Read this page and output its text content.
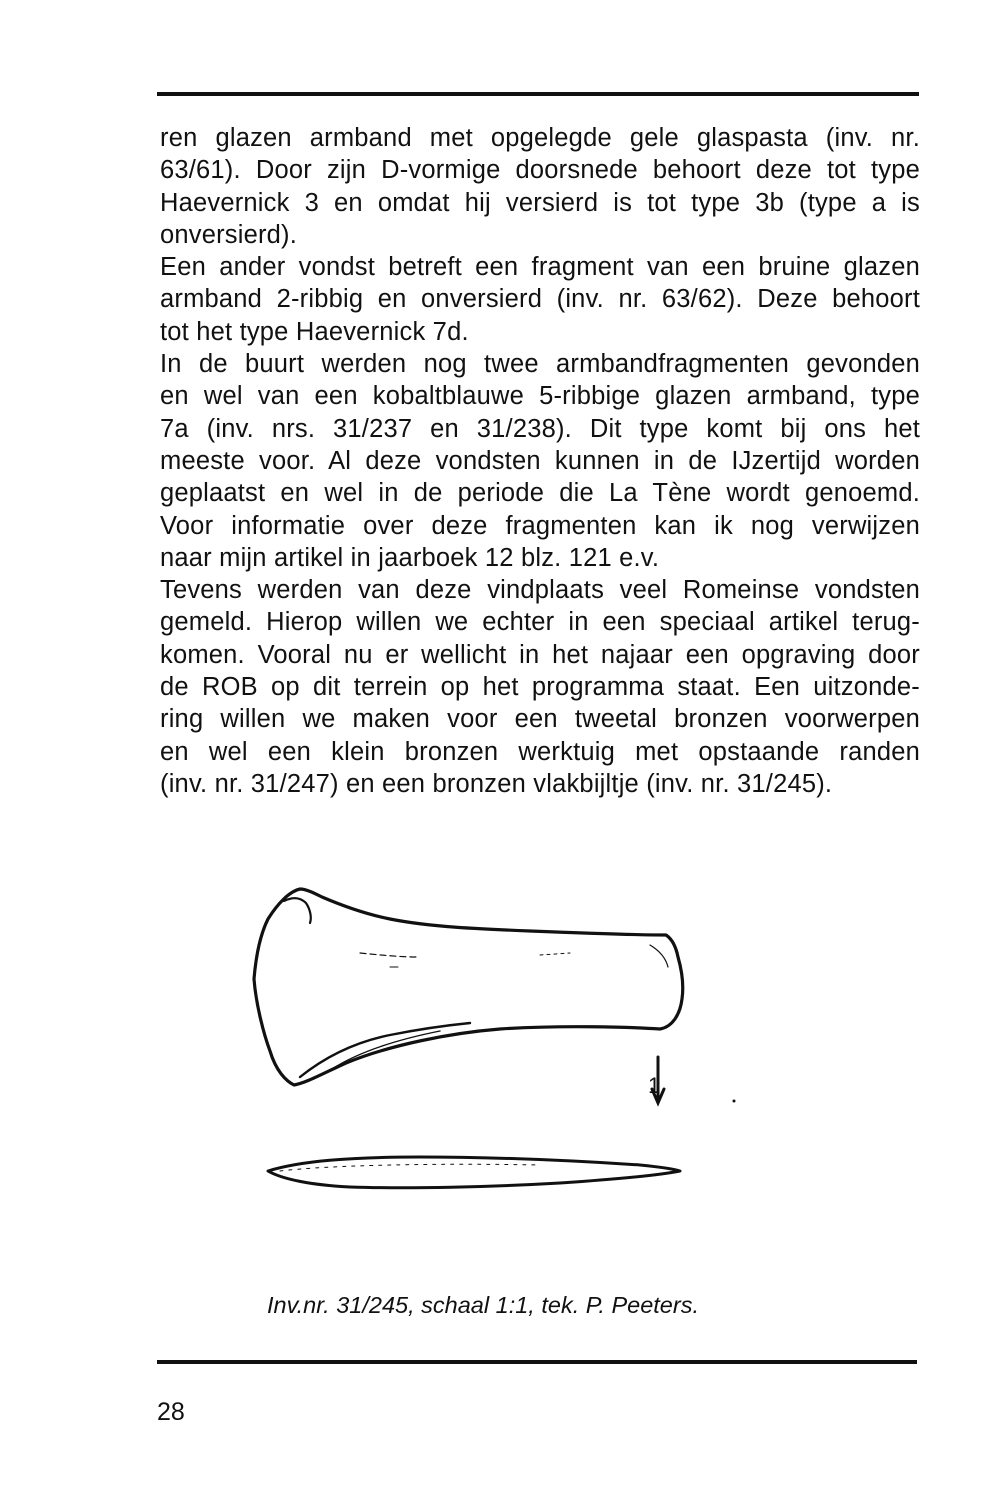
ren glazen armband met opgelegde gele glaspasta (inv. nr.
63/61). Door zijn D-vormige doorsnede behoort deze tot type
Haevernick 3 en omdat hij versierd is tot type 3b (type a is
onversierd).
Een ander vondst betreft een fragment van een bruine glazen
armband 2-ribbig en onversierd (inv. nr. 63/62). Deze behoort
tot het type Haevernick 7d.
In de buurt werden nog twee armbandfragmenten gevonden
en wel van een kobaltblauwe 5-ribbige glazen armband, type
7a (inv. nrs. 31/237 en 31/238). Dit type komt bij ons het
meeste voor. Al deze vondsten kunnen in de IJzertijd worden
geplaatst en wel in de periode die La Tène wordt genoemd.
Voor informatie over deze fragmenten kan ik nog verwijzen
naar mijn artikel in jaarboek 12 blz. 121 e.v.
Tevens werden van deze vindplaats veel Romeinse vondsten
gemeld. Hierop willen we echter in een speciaal artikel terug-
komen. Vooral nu er wellicht in het najaar een opgraving door
de ROB op dit terrein op het programma staat. Een uitzonde-
ring willen we maken voor een tweetal bronzen voorwerpen
en wel een klein bronzen werktuig met opstaande randen
(inv. nr. 31/247) en een bronzen vlakbijltje (inv. nr. 31/245).
1
Inv.nr. 31/245, schaal 1:1, tek. P. Peeters.
28
